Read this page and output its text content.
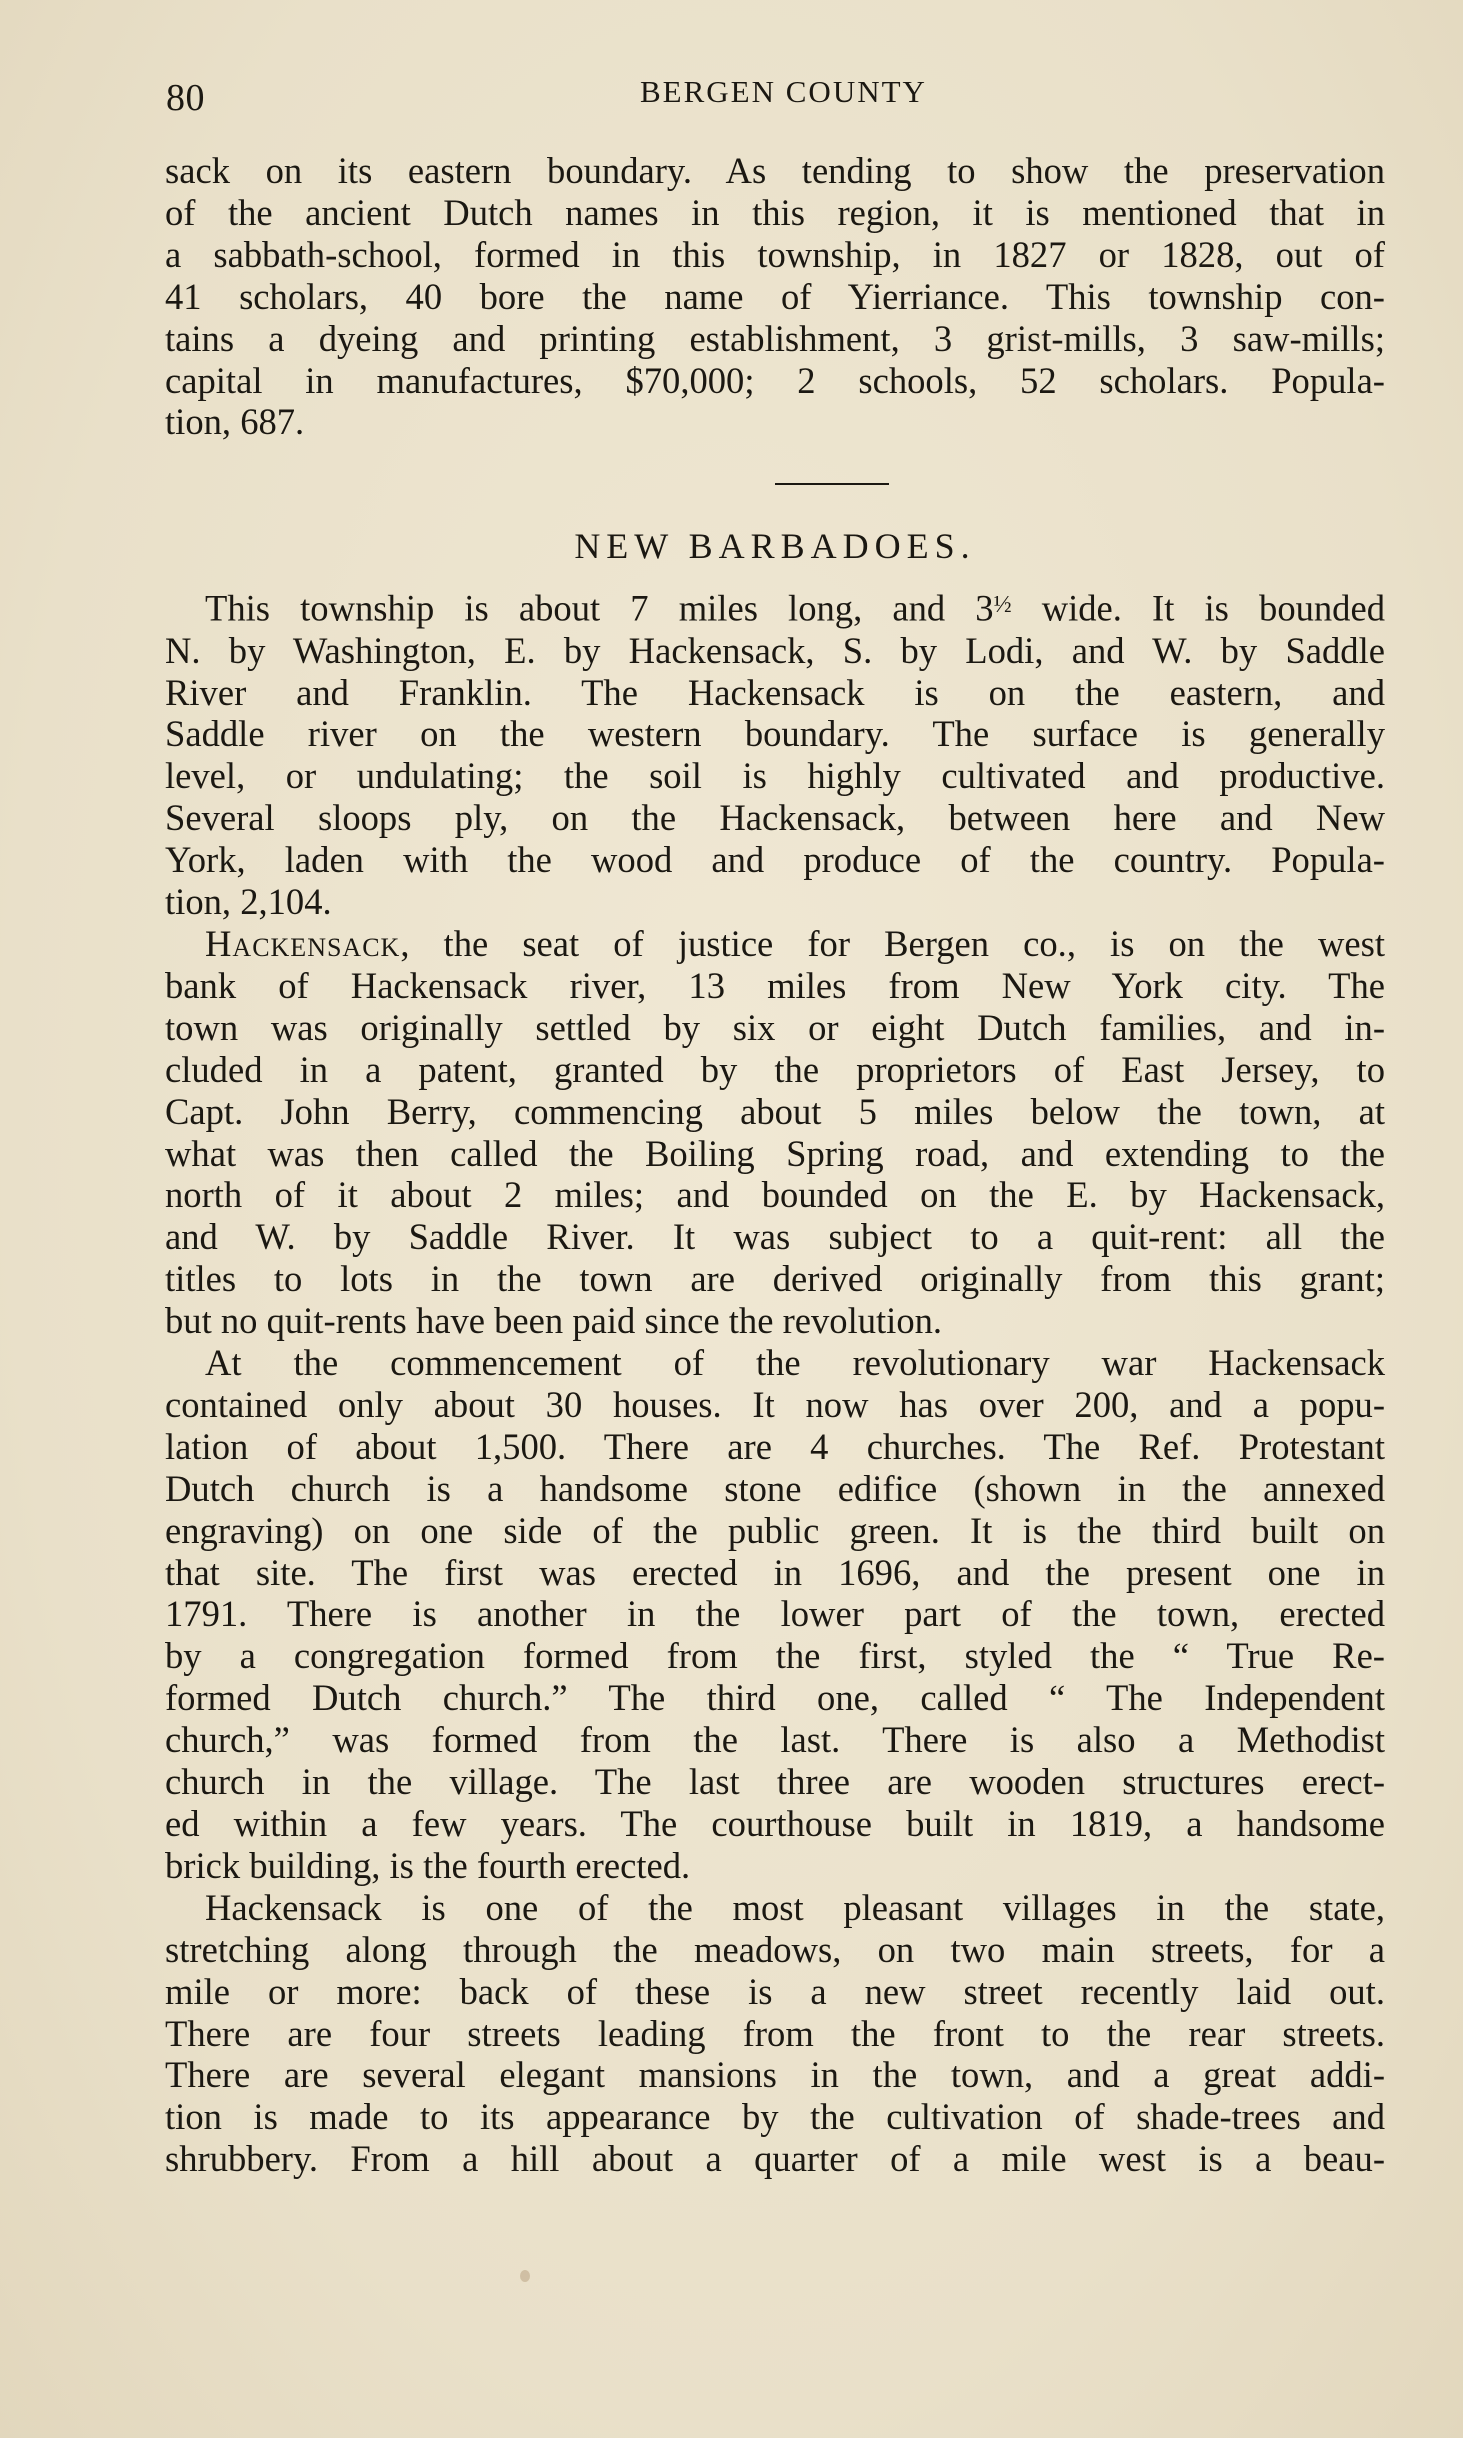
80	BERGEN COUNTY

sack on its eastern boundary. As tending to show the preservation
of the ancient Dutch names in this region, it is mentioned that in
a sabbath-school, formed in this township, in 1827 or 1828, out of
41 scholars, 40 bore the name of Yierriance. This township con-
tains a dyeing and printing establishment, 3 grist-mills, 3 saw-mills;
capital in manufactures, $70,000; 2 schools, 52 scholars. Popula-
tion, 687.

NEW BARBADOES.

This township is about 7 miles long, and $3^{\frac{1}{2}}$ wide. It is bounded
N. by Washington, E. by Hackensack, S. by Lodi, and W. by Saddle
River and Franklin. The Hackensack is on the eastern, and
Saddle river on the western boundary. The surface is generally
level, or undulating; the soil is highly cultivated and productive.
Several sloops ply, on the Hackensack, between here and New
York, laden with the wood and produce of the country. Popula-
tion, 2,104.

Hackensack, the seat of justice for Bergen co., is on the west
bank of Hackensack river, 13 miles from New York city. The
town was originally settled by six or eight Dutch families, and in-
cluded in a patent, granted by the proprietors of East Jersey, to
Capt. John Berry, commencing about 5 miles below the town, at
what was then called the Boiling Spring road, and extending to the
north of it about 2 miles; and bounded on the E. by Hackensack,
and W. by Saddle River. It was subject to a quit-rent: all the
titles to lots in the town are derived originally from this grant;
but no quit-rents have been paid since the revolution.

At the commencement of the revolutionary war Hackensack
contained only about 30 houses. It now has over 200, and a popu-
lation of about 1,500. There are 4 churches. The Ref. Protestant
Dutch church is a handsome stone edifice (shown in the annexed
engraving) on one side of the public green. It is the third built on
that site. The first was erected in 1696, and the present one in
1791. There is another in the lower part of the town, erected
by a congregation formed from the first, styled the “ True Re-
formed Dutch church.” The third one, called “ The Independent
church,” was formed from the last. There is also a Methodist
church in the village. The last three are wooden structures erect-
ed within a few years. The courthouse built in 1819, a handsome
brick building, is the fourth erected.

Hackensack is one of the most pleasant villages in the state,
stretching along through the meadows, on two main streets, for a
mile or more: back of these is a new street recently laid out.
There are four streets leading from the front to the rear streets.
There are several elegant mansions in the town, and a great addi-
tion is made to its appearance by the cultivation of shade-trees and
shrubbery. From a hill about a quarter of a mile west is a beau-
